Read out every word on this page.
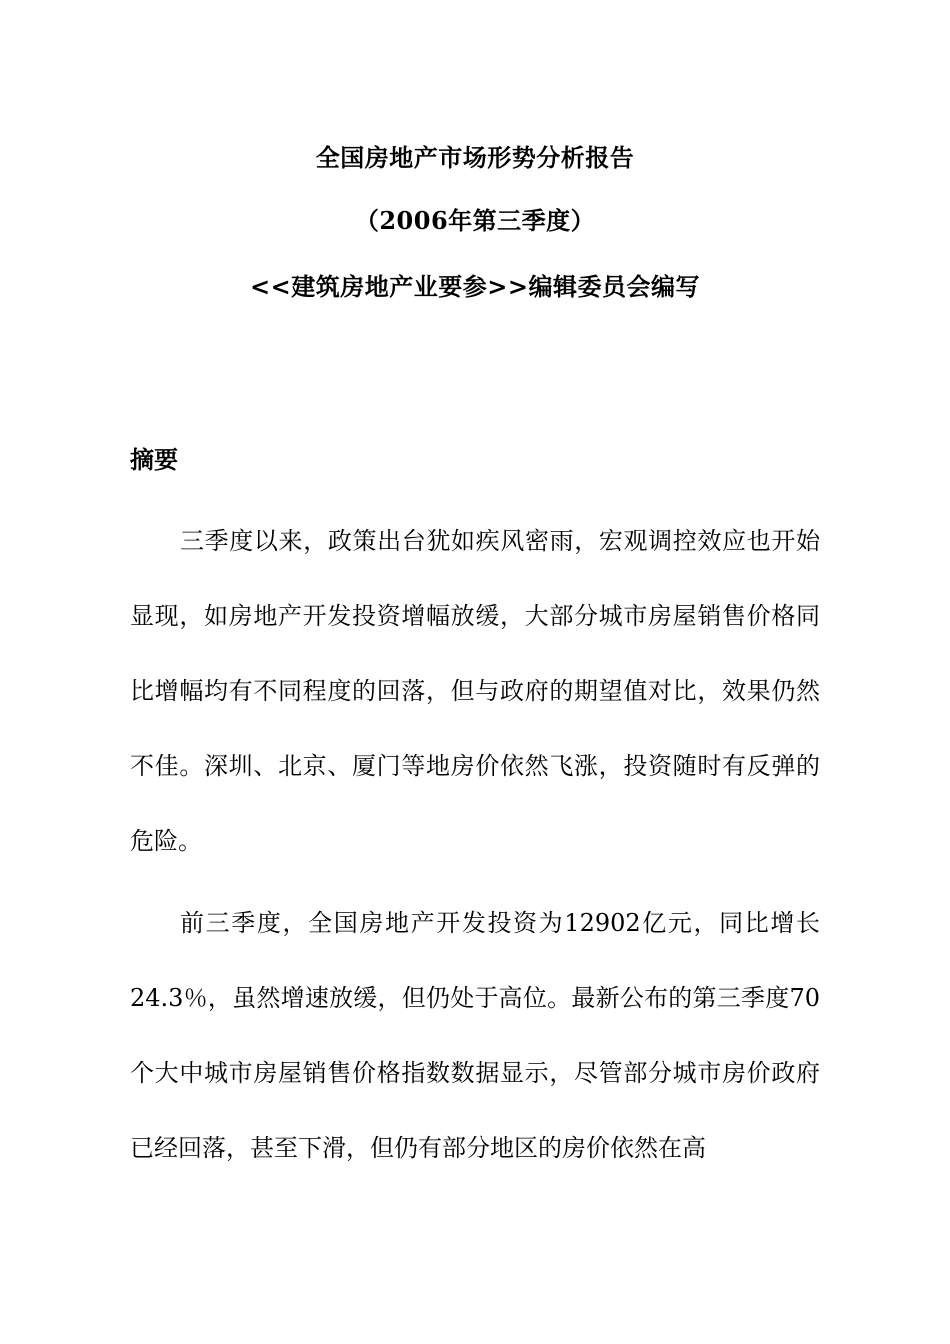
全国房地产市场形势分析报告
（2006年第三季度）
<<建筑房地产业要参>>编辑委员会编写
摘要
三季度以来，政策出台犹如疾风密雨，宏观调控效应也开始显现，如房地产开发投资增幅放缓，大部分城市房屋销售价格同比增幅均有不同程度的回落，但与政府的期望值对比，效果仍然不佳。深圳、北京、厦门等地房价依然飞涨，投资随时有反弹的危险。
前三季度，全国房地产开发投资为12902亿元，同比增长24.3％，虽然增速放缓，但仍处于高位。最新公布的第三季度70个大中城市房屋销售价格指数数据显示，尽管部分城市房价政府已经回落，甚至下滑，但仍有部分地区的房价依然在高
